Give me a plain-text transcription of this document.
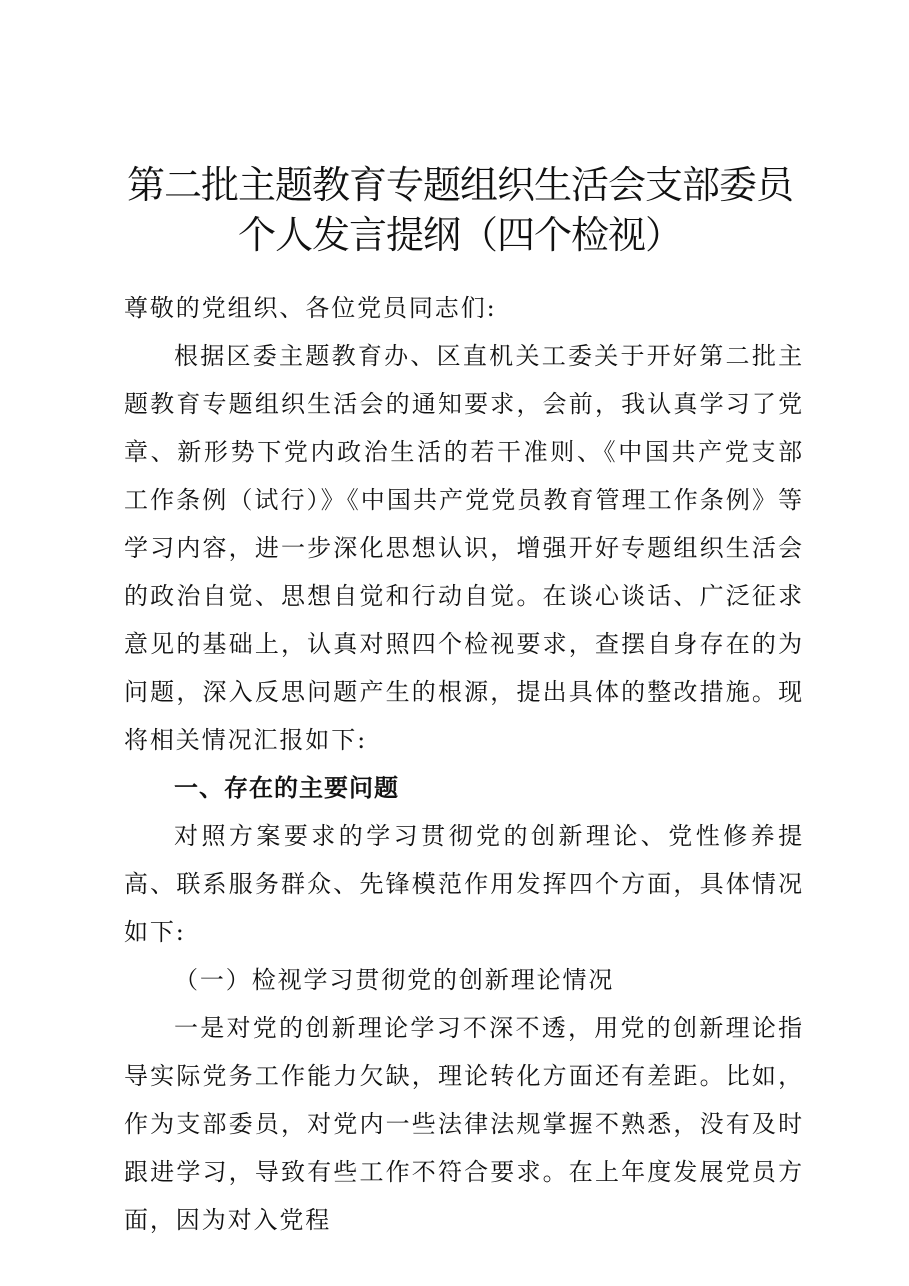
第二批主题教育专题组织生活会支部委员个人发言提纲（四个检视）

尊敬的党组织、各位党员同志们:

根据区委主题教育办、区直机关工委关于开好第二批主题教育专题组织生活会的通知要求，会前，我认真学习了党章、新形势下党内政治生活的若干准则、《中国共产党支部工作条例（试行）》《中国共产党党员教育管理工作条例》等学习内容，进一步深化思想认识，增强开好专题组织生活会的政治自觉、思想自觉和行动自觉。在谈心谈话、广泛征求意见的基础上，认真对照四个检视要求，查摆自身存在的为问题，深入反思问题产生的根源，提出具体的整改措施。现将相关情况汇报如下:

一、存在的主要问题

对照方案要求的学习贯彻党的创新理论、党性修养提高、联系服务群众、先锋模范作用发挥四个方面，具体情况如下:

（一）检视学习贯彻党的创新理论情况

一是对党的创新理论学习不深不透，用党的创新理论指导实际党务工作能力欠缺，理论转化方面还有差距。比如，作为支部委员，对党内一些法律法规掌握不熟悉，没有及时跟进学习，导致有些工作不符合要求。在上年度发展党员方面，因为对入党程
